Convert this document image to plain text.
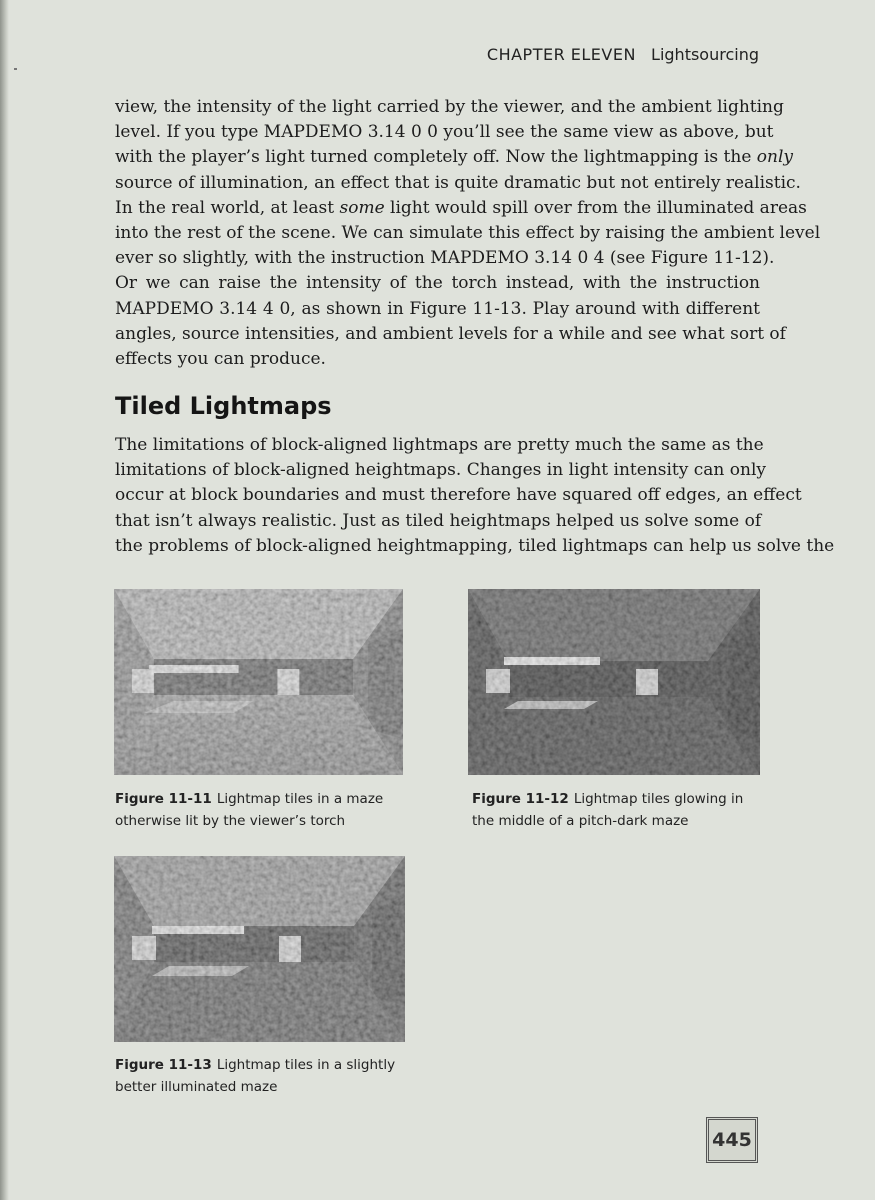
CHAPTER ELEVEN Lightsourcing

view, the intensity of the light carried by the viewer, and the ambient lighting
level. If you type MAPDEMO 3.14 0 0 you’ll see the same view as above, but
with the player’s light turned completely off. Now the lightmapping is the only
source of illumination, an effect that is quite dramatic but not entirely realistic.
In the real world, at least some light would spill over from the illuminated areas
into the rest of the scene. We can simulate this effect by raising the ambient level
ever so slightly, with the instruction MAPDEMO 3.14 0 4 (see Figure 11-12).
Or we can raise the intensity of the torch instead, with the instruction
MAPDEMO 3.14 4 0, as shown in Figure 11-13. Play around with different
angles, source intensities, and ambient levels for a while and see what sort of
effects you can produce.

Tiled Lightmaps

The limitations of block-aligned lightmaps are pretty much the same as the
limitations of block-aligned heightmaps. Changes in light intensity can only
occur at block boundaries and must therefore have squared off edges, an effect
that isn’t always realistic. Just as tiled heightmaps helped us solve some of
the problems of block-aligned heightmapping, tiled lightmaps can help us solve the

Figure 11-11 Lightmap tiles in a maze
otherwise lit by the viewer’s torch
Figure 11-12 Lightmap tiles glowing in
the middle of a pitch-dark maze
Figure 11-13 Lightmap tiles in a slightly
better illuminated maze
445
